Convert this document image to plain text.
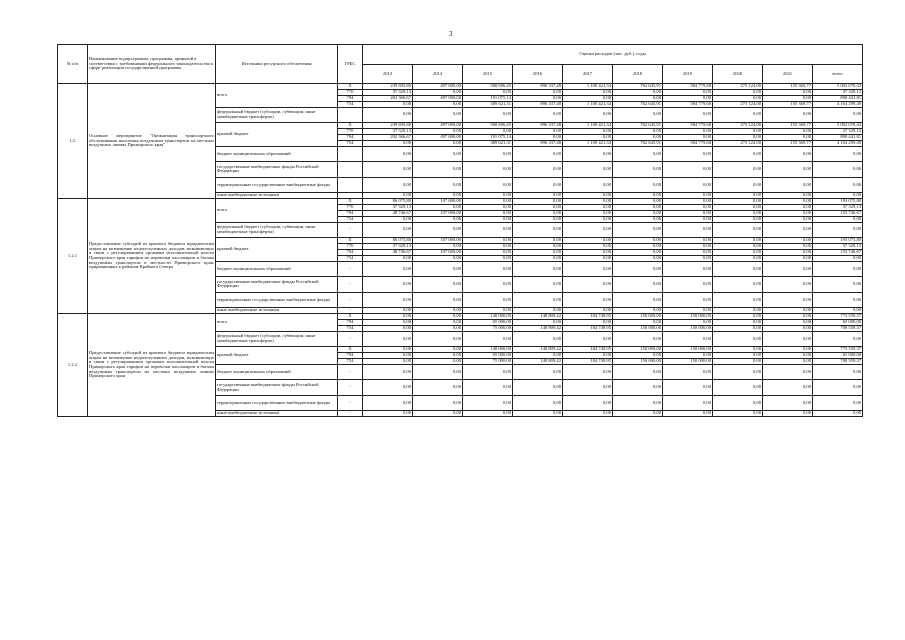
3
№ п/п	Наименование подпрограммы, программы, принятой в соответствии с требованиями федерального законодательства к сфере реализации государственной программы	Источники ресурсного обеспечения	ГРБС	Оценка расходов (тыс. руб.), годы									
				2013	2014	2015	2016	2017	2018	2019	2020	2021	всего
1.2.	Основное мероприятие "Организация транспортного обслуживания населения воздушным транспортом на местных воздушных линиях Приморского края"	всего	X	239 695,80	497 000,00	580 696,45	896 337,48	1 100 421,34	762 645,91	584 779,68	275 124,00	155 369,77	5 092 070,43
			770	37 329,13	0,00	0,00	0,00	0,00	0,00	0,00	0,00	0,00	37 329,13
			794	202 366,67	497 000,00	191 075,14	0,00	0,00	0,00	0,00	0,00	0,00	890 441,81
			754	0,00	0,00	389 621,31	896 337,48	1 100 421,34	762 645,91	584 779,68	275 124,00	155 369,77	4 164 299,49
		федеральный бюджет (субсидии, субвенции, иные межбюджетные трансферты)		0,00	0,00	0,00	0,00	0,00	0,00	0,00	0,00	0,00	0,00
		краевой бюджет	X	239 695,80	497 000,00	580 696,45	896 337,48	1 100 421,34	762 645,91	584 779,68	275 124,00	155 369,77	5 092 070,43
			770	37 329,13	0,00	0,00	0,00	0,00	0,00	0,00	0,00	0,00	37 329,13
			794	202 366,67	497 000,00	191 075,14	0,00	0,00	0,00	0,00	0,00	0,00	890 441,81
			754	0,00	0,00	389 621,31	896 337,48	1 100 421,34	762 645,91	584 779,68	275 124,00	155 369,77	4 164 299,49
		бюджет муниципальных образований		0,00	0,00	0,00	0,00	0,00	0,00	0,00	0,00	0,00	0,00
		государственные внебюджетные фонды Российской Федерации		0,00	0,00	0,00	0,00	0,00	0,00	0,00	0,00	0,00	0,00
		территориальные государственные внебюджетные фонды		0,00	0,00	0,00	0,00	0,00	0,00	0,00	0,00	0,00	0,00
		иные внебюджетные источники		0,00	0,00	0,00	0,00	0,00	0,00	0,00	0,00	0,00	0,00
1.2.1	Предоставление субсидий из краевого бюджета юридическим лицам на возмещение недополученных доходов, возникающих в связи с регулированием органами исполнительной власти Приморского края тарифов на перевозки пассажиров и багажа воздушным транспортом в местности Приморского края, приравненных к районам Крайнего Севера	всего	X	86 075,80	107 000,00	0,00	0,00	0,00	0,00	0,00	0,00	0,00	193 075,80
			770	37 329,13	0,00	0,00	0,00	0,00	0,00	0,00	0,00	0,00	37 329,13
			794	48 746,67	107 000,00	0,00	0,00	0,00	0,00	0,00	0,00	0,00	155 746,67
			754	0,00	0,00	0,00	0,00	0,00	0,00	0,00	0,00	0,00	0,00
		федеральный бюджет (субсидии, субвенции, иные межбюджетные трансферты)	-	0,00	0,00	0,00	0,00	0,00	0,00	0,00	0,00	0,00	0,00
		краевой бюджет	X	86 075,80	107 000,00	0,00	0,00	0,00	0,00	0,00	0,00	0,00	193 075,80
			770	37 329,13	0,00	0,00	0,00	0,00	0,00	0,00	0,00	0,00	37 329,13
			794	48 746,67	107 000,00	0,00	0,00	0,00	0,00	0,00	0,00	0,00	155 746,67
			754	0,00	0,00	0,00	0,00	0,00	0,00	0,00	0,00	0,00	0,00
		бюджет муниципальных образований	-	0,00	0,00	0,00	0,00	0,00	0,00	0,00	0,00	0,00	0,00
		государственные внебюджетные фонды Российской Федерации	-	0,00	0,00	0,00	0,00	0,00	0,00	0,00	0,00	0,00	0,00
		территориальные государственные внебюджетные фонды	-	0,00	0,00	0,00	0,00	0,00	0,00	0,00	0,00	0,00	0,00
		иные внебюджетные источники	-	0,00	0,00	0,00	0,00	0,00	0,00	0,00	0,00	0,00	0,00
1.2.2	Предоставление субсидий из краевого бюджета юридическим лицам на возмещение недополученных доходов, возникающих в связи с регулированием органами исполнительной власти Приморского края тарифов на перевозки пассажиров и багажа воздушным транспортом на местных воздушных линиях Приморского края	всего	X	0,00	0,00	140 000,00	148 809,42	184 749,95	150 000,00	150 000,00	0,00	0,00	773 559,37
			794	0,00	0,00	65 000,00	0,00	0,00	0,00	0,00	0,00	0,00	65 000,00
			754	0,00	0,00	75 000,00	148 809,42	184 749,95	150 000,00	150 000,00	0,00	0,00	708 559,37
		федеральный бюджет (субсидии, субвенции, иные межбюджетные трансферты)	-	0,00	0,00	0,00	0,00	0,00	0,00	0,00	0,00	0,00	0,00
		краевой бюджет	X	0,00	0,00	140 000,00	148 809,42	184 749,95	150 000,00	150 000,00	0,00	0,00	773 559,37
			794	0,00	0,00	65 000,00	0,00	0,00	0,00	0,00	0,00	0,00	65 000,00
			754	0,00	0,00	75 000,00	148 809,42	184 749,95	150 000,00	150 000,00	0,00	0,00	708 559,37
		бюджет муниципальных образований	-	0,00	0,00	0,00	0,00	0,00	0,00	0,00	0,00	0,00	0,00
		государственные внебюджетные фонды Российской Федерации	-	0,00	0,00	0,00	0,00	0,00	0,00	0,00	0,00	0,00	0,00
		территориальные государственные внебюджетные фонды	-	0,00	0,00	0,00	0,00	0,00	0,00	0,00	0,00	0,00	0,00
		иные внебюджетные источники	-	0,00	0,00	0,00	0,00	0,00	0,00	0,00	0,00	0,00	0,00
